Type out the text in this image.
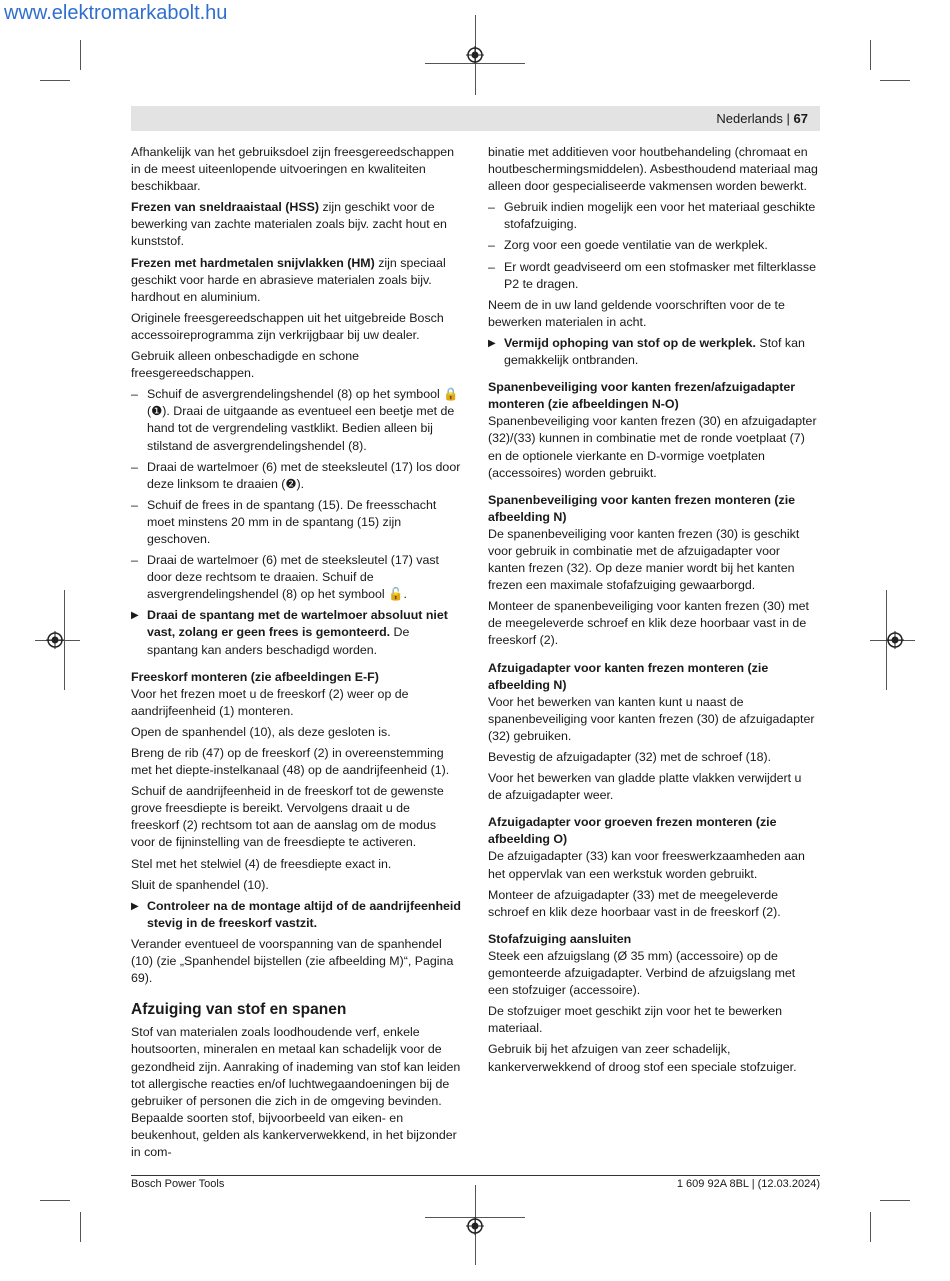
www.elektromarkabolt.hu
Nederlands | 67

Afhankelijk van het gebruiksdoel zijn freesgereedschappen in de meest uiteenlopende uitvoeringen en kwaliteiten beschikbaar.

Frezen van sneldraaistaal (HSS) zijn geschikt voor de bewerking van zachte materialen zoals bijv. zacht hout en kunststof.

Frezen met hardmetalen snijvlakken (HM) zijn speciaal geschikt voor harde en abrasieve materialen zoals bijv. hardhout en aluminium.

Originele freesgereedschappen uit het uitgebreide Bosch accessoireprogramma zijn verkrijgbaar bij uw dealer.

Gebruik alleen onbeschadigde en schone freesgereedschappen.

– Schuif de asvergrendelingshendel (8) op het symbool 🔒 (❶). Draai de uitgaande as eventueel een beetje met de hand tot de vergrendeling vastklikt. Bedien alleen bij stilstand de asvergrendelingshendel (8).

– Draai de wartelmoer (6) met de steeksleutel (17) los door deze linksom te draaien (❷).

– Schuif de frees in de spantang (15). De freesschacht moet minstens 20 mm in de spantang (15) zijn geschoven.

– Draai de wartelmoer (6) met de steeksleutel (17) vast door deze rechtsom te draaien. Schuif de asvergrendelingshendel (8) op het symbool 🔓.

▶ Draai de spantang met de wartelmoer absoluut niet vast, zolang er geen frees is gemonteerd. De spantang kan anders beschadigd worden.

Freeskorf monteren (zie afbeeldingen E-F)

Voor het frezen moet u de freeskorf (2) weer op de aandrijfeenheid (1) monteren.

Open de spanhendel (10), als deze gesloten is.

Breng de rib (47) op de freeskorf (2) in overeenstemming met het diepte-instelkanaal (48) op de aandrijfeenheid (1).

Schuif de aandrijfeenheid in de freeskorf tot de gewenste grove freesdiepte is bereikt. Vervolgens draait u de freeskorf (2) rechtsom tot aan de aanslag om de modus voor de fijninstelling van de freesdiepte te activeren.

Stel met het stelwiel (4) de freesdiepte exact in.

Sluit de spanhendel (10).

▶ Controleer na de montage altijd of de aandrijfeenheid stevig in de freeskorf vastzit.

Verander eventueel de voorspanning van de spanhendel (10) (zie „Spanhendel bijstellen (zie afbeelding M)“, Pagina 69).

Afzuiging van stof en spanen

Stof van materialen zoals loodhoudende verf, enkele houtsoorten, mineralen en metaal kan schadelijk voor de gezondheid zijn. Aanraking of inademing van stof kan leiden tot allergische reacties en/of luchtwegaandoeningen bij de gebruiker of personen die zich in de omgeving bevinden. Bepaalde soorten stof, bijvoorbeeld van eiken- en beukenhout, gelden als kankerverwekkend, in het bijzonder in com-

binatie met additieven voor houtbehandeling (chromaat en houtbeschermingsmiddelen). Asbesthoudend materiaal mag alleen door gespecialiseerde vakmensen worden bewerkt.

– Gebruik indien mogelijk een voor het materiaal geschikte stofafzuiging.

– Zorg voor een goede ventilatie van de werkplek.

– Er wordt geadviseerd om een stofmasker met filterklasse P2 te dragen.

Neem de in uw land geldende voorschriften voor de te bewerken materialen in acht.

▶ Vermijd ophoping van stof op de werkplek. Stof kan gemakkelijk ontbranden.

Spanenbeveiliging voor kanten frezen/afzuigadapter monteren (zie afbeeldingen N-O)

Spanenbeveiliging voor kanten frezen (30) en afzuigadapter (32)/(33) kunnen in combinatie met de ronde voetplaat (7) en de optionele vierkante en D-vormige voetplaten (accessoires) worden gebruikt.

Spanenbeveiliging voor kanten frezen monteren (zie afbeelding N)

De spanenbeveiliging voor kanten frezen (30) is geschikt voor gebruik in combinatie met de afzuigadapter voor kanten frezen (32). Op deze manier wordt bij het kanten frezen een maximale stofafzuiging gewaarborgd.

Monteer de spanenbeveiliging voor kanten frezen (30) met de meegeleverde schroef en klik deze hoorbaar vast in de freeskorf (2).

Afzuigadapter voor kanten frezen monteren (zie afbeelding N)

Voor het bewerken van kanten kunt u naast de spanenbeveiliging voor kanten frezen (30) de afzuigadapter (32) gebruiken.

Bevestig de afzuigadapter (32) met de schroef (18).

Voor het bewerken van gladde platte vlakken verwijdert u de afzuigadapter weer.

Afzuigadapter voor groeven frezen monteren (zie afbeelding O)

De afzuigadapter (33) kan voor freeswerkzaamheden aan het oppervlak van een werkstuk worden gebruikt.

Monteer de afzuigadapter (33) met de meegeleverde schroef en klik deze hoorbaar vast in de freeskorf (2).

Stofafzuiging aansluiten

Steek een afzuigslang (Ø 35 mm) (accessoire) op de gemonteerde afzuigadapter. Verbind de afzuigslang met een stofzuiger (accessoire).

De stofzuiger moet geschikt zijn voor het te bewerken materiaal.

Gebruik bij het afzuigen van zeer schadelijk, kankerverwekkend of droog stof een speciale stofzuiger.

Bosch Power Tools	1 609 92A 8BL | (12.03.2024)
